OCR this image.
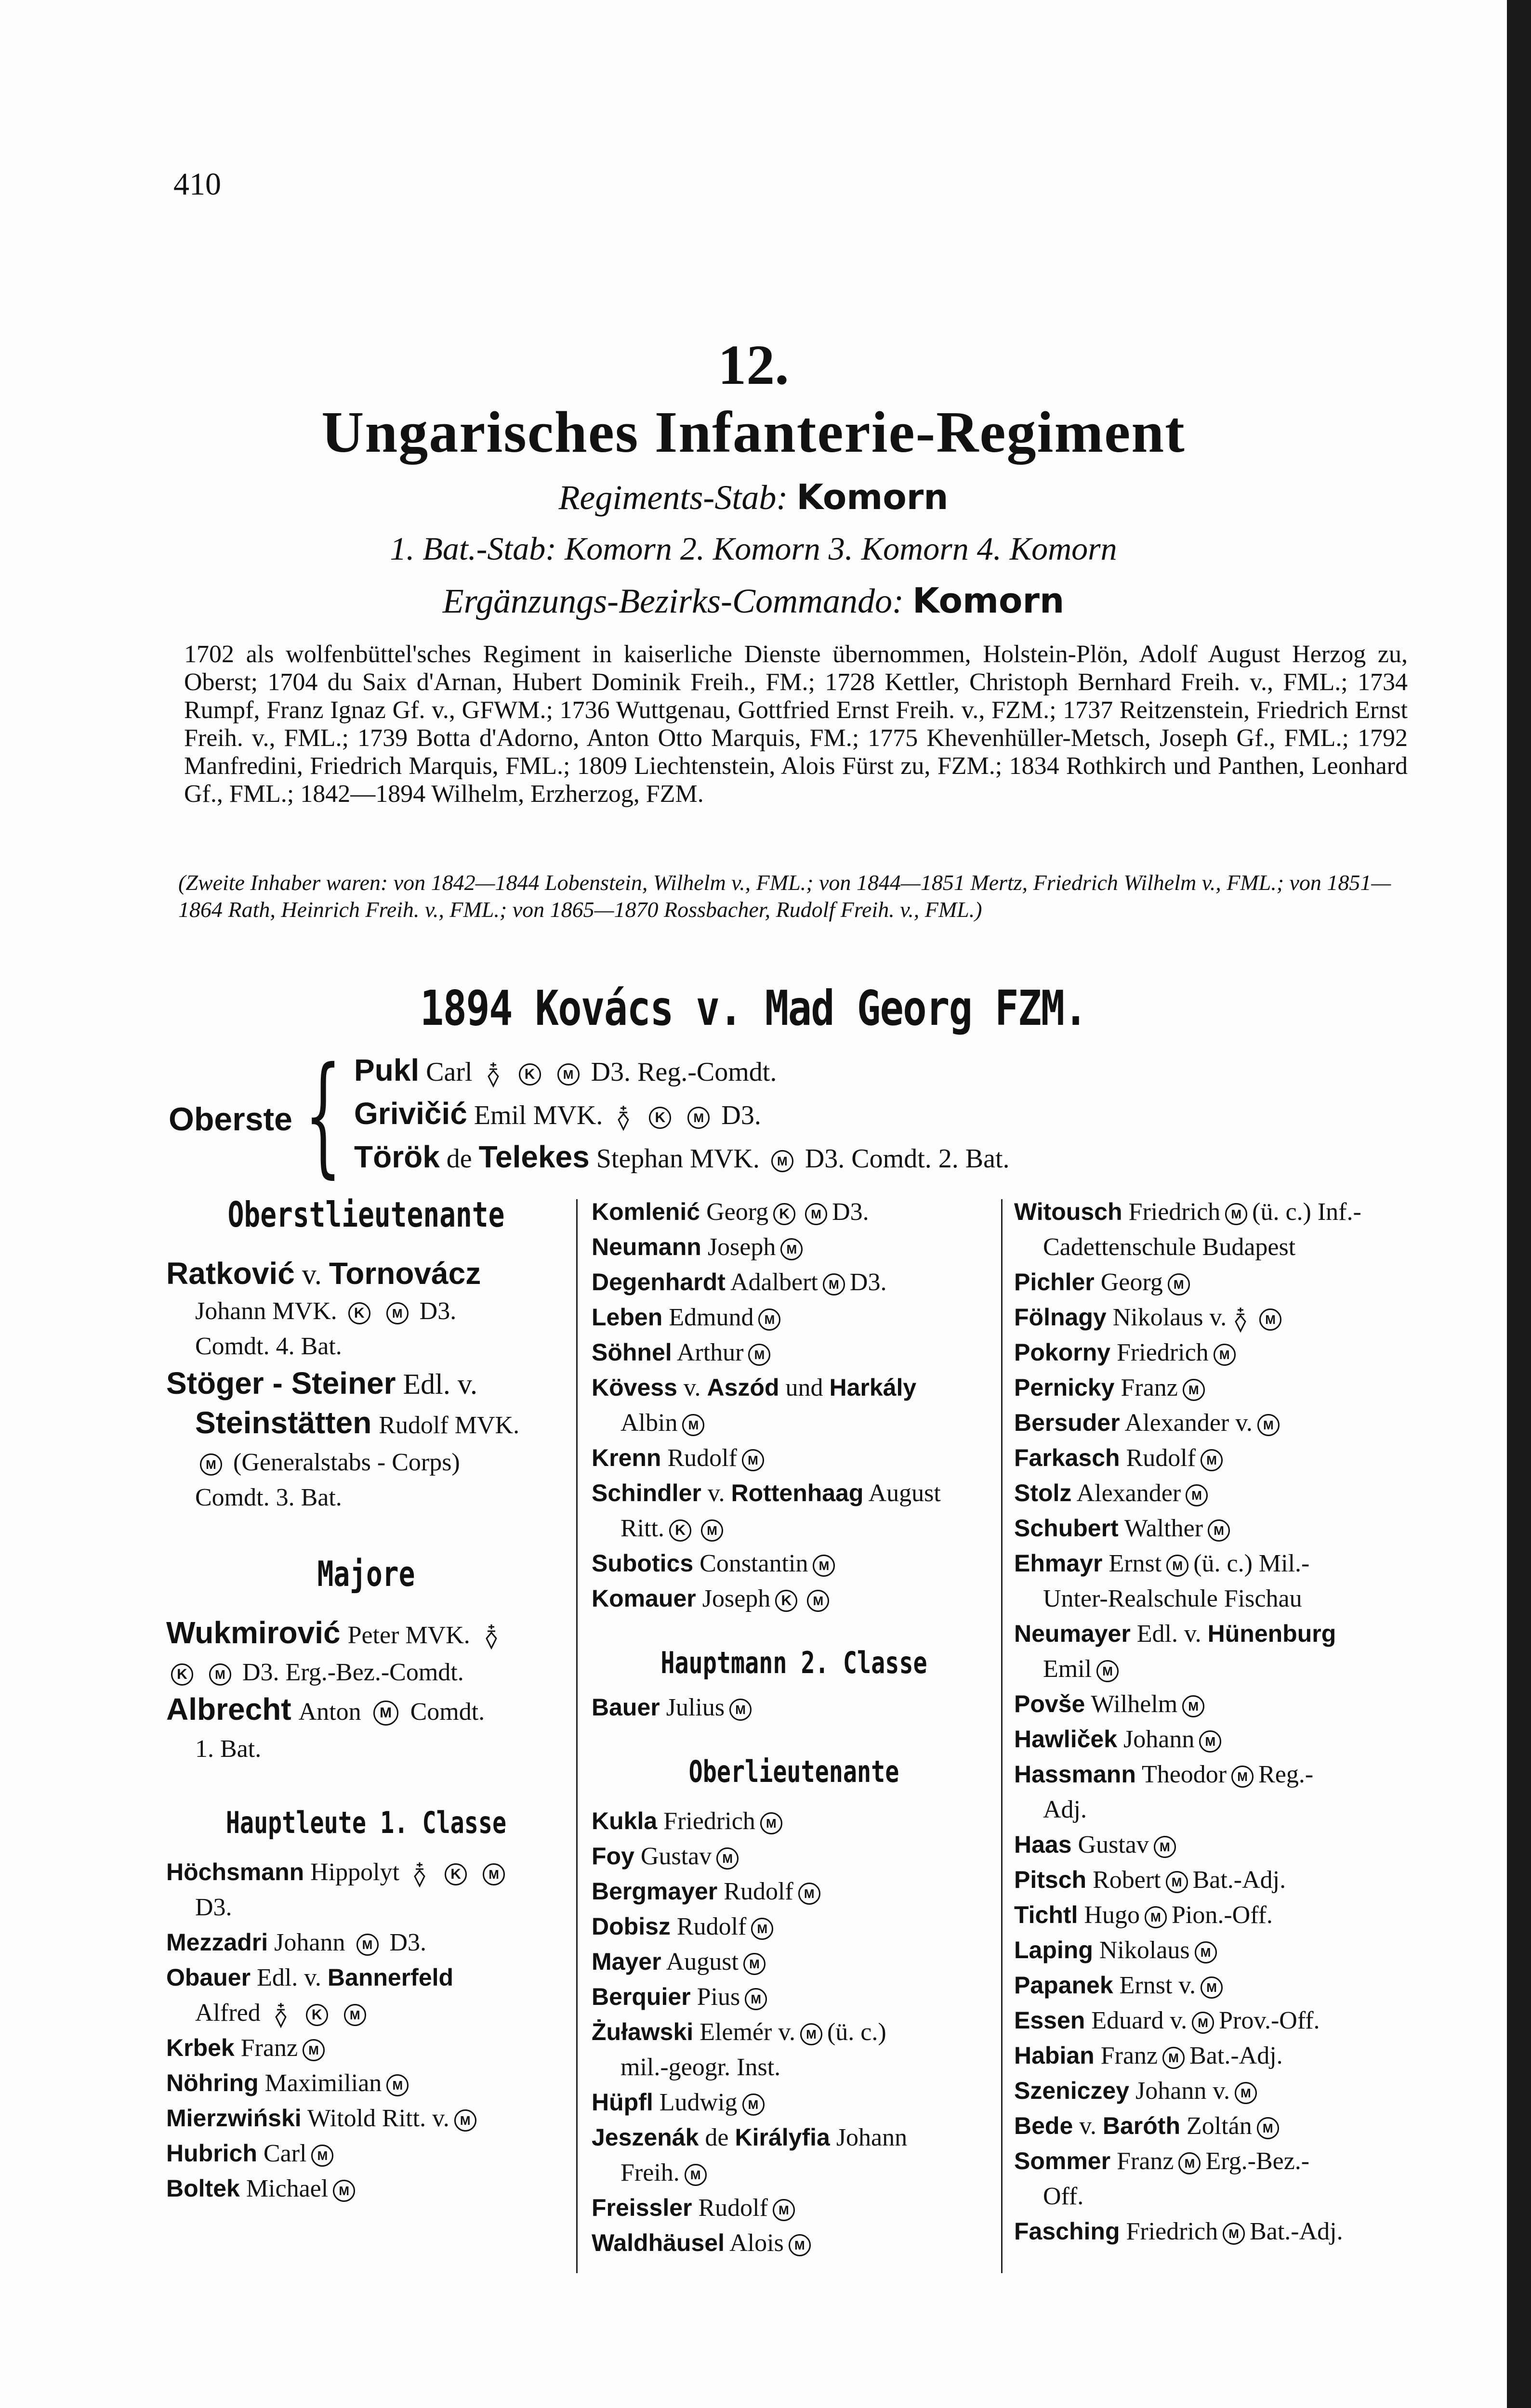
410
12.
Ungarisches Infanterie-Regiment
Regiments-Stab: Komorn
1. Bat.-Stab: Komorn 2. Komorn 3. Komorn 4. Komorn
Ergänzungs-Bezirks-Commando: Komorn
1702 als wolfenbüttel'sches Regiment in kaiserliche Dienste übernommen, Holstein-Plön, Adolf August Herzog zu, Oberst; 1704 du Saix d'Arnan, Hubert Dominik Freih., FM.; 1728 Kettler, Christoph Bernhard Freih. v., FML.; 1734 Rumpf, Franz Ignaz Gf. v., GFWM.; 1736 Wuttgenau, Gottfried Ernst Freih. v., FZM.; 1737 Reitzenstein, Friedrich Ernst Freih. v., FML.; 1739 Botta d'Adorno, Anton Otto Marquis, FM.; 1775 Khevenhüller-Metsch, Joseph Gf., FML.; 1792 Manfredini, Friedrich Marquis, FML.; 1809 Liechtenstein, Alois Fürst zu, FZM.; 1834 Rothkirch und Panthen, Leonhard Gf., FML.; 1842—1894 Wilhelm, Erzherzog, FZM.
(Zweite Inhaber waren: von 1842—1844 Lobenstein, Wilhelm v., FML.; von 1844—1851 Mertz, Friedrich Wilhelm v., FML.; von 1851—1864 Rath, Heinrich Freih. v., FML.; von 1865—1870 Rossbacher, Rudolf Freih. v., FML.)
1894 Kovács v. Mad Georg FZM.
Oberste { Pukl Carl	K M D3. Reg.-Comdt.
Grivičić Emil MVK.	K M D3.
Török de Telekes Stephan MVK. M D3. Comdt. 2. Bat.
Oberstlieutenante
Ratković v. Tornovácz
Johann MVK. K M D3.
Comdt. 4. Bat.
Stöger - Steiner Edl. v.
Steinstätten Rudolf MVK.
M (Generalstabs - Corps)
Comdt. 3. Bat.
Majore
Wukmirović Peter MVK.
K M D3. Erg.-Bez.-Comdt.
Albrecht Anton M Comdt.
1. Bat.
Hauptleute 1. Classe
Höchsmann Hippolyt	K M
D3.
Mezzadri Johann M D3.
Obauer Edl. v. Bannerfeld
Alfred	K M
Krbek Franz M
Nöhring Maximilian M
Mierzwiński Witold Ritt. v. M
Hubrich Carl M
Boltek Michael M
Komlenić Georg K M D3.
Neumann Joseph M
Degenhardt Adalbert M D3.
Leben Edmund M
Söhnel Arthur M
Kövess v. Aszód und Harkály
Albin M
Krenn Rudolf M
Schindler v. Rottenhaag August
Ritt. K M
Subotics Constantin M
Komauer Joseph K M
Hauptmann 2. Classe
Bauer Julius M
Oberlieutenante
Kukla Friedrich M
Foy Gustav M
Bergmayer Rudolf M
Dobisz Rudolf M
Mayer August M
Berquier Pius M
Żuławski Elemér v. M (ü. c.)
mil.-geogr. Inst.
Hüpfl Ludwig M
Jeszenák de Királyfia Johann
Freih. M
Freissler Rudolf M
Waldhäusel Alois M
Witousch Friedrich M (ü. c.) Inf.-
Cadettenschule Budapest
Pichler Georg M
Fölnagy Nikolaus v.	M
Pokorny Friedrich M
Pernicky Franz M
Bersuder Alexander v. M
Farkasch Rudolf M
Stolz Alexander M
Schubert Walther M
Ehmayr Ernst M (ü. c.) Mil.-
Unter-Realschule Fischau
Neumayer Edl. v. Hünenburg
Emil M
Povše Wilhelm M
Hawliček Johann M
Hassmann Theodor M Reg.-
Adj.
Haas Gustav M
Pitsch Robert M Bat.-Adj.
Tichtl Hugo M Pion.-Off.
Laping Nikolaus M
Papanek Ernst v. M
Essen Eduard v. M Prov.-Off.
Habian Franz M Bat.-Adj.
Szeniczey Johann v. M
Bede v. Baróth Zoltán M
Sommer Franz M Erg.-Bez.-
Off.
Fasching Friedrich M Bat.-Adj.
